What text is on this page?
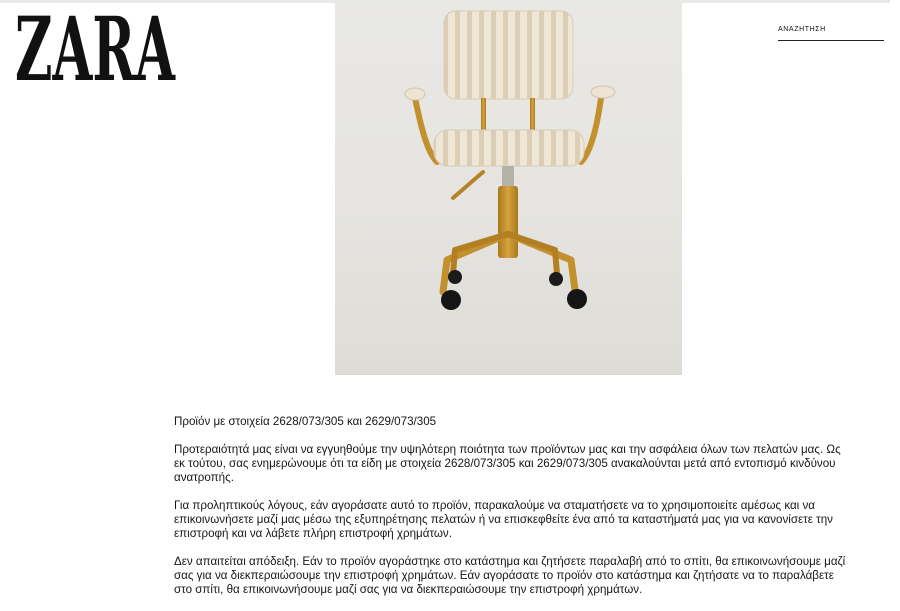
ZARA	ΑΝΑΖΗΤΗΣΗ

Προϊόν με στοιχεία 2628/073/305 και 2629/073/305

Προτεραιότητά μας είναι να εγγυηθούμε την υψηλότερη ποιότητα των προϊόντων μας και την ασφάλεια όλων των πελατών μας. Ως εκ τούτου, σας ενημερώνουμε ότι τα είδη με στοιχεία 2628/073/305 και 2629/073/305 ανακαλούνται μετά από εντοπισμό κινδύνου ανατροπής.

Για προληπτικούς λόγους, εάν αγοράσατε αυτό το προϊόν, παρακαλούμε να σταματήσετε να το χρησιμοποιείτε αμέσως και να επικοινωνήσετε μαζί μας μέσω της εξυπηρέτησης πελατών ή να επισκεφθείτε ένα από τα καταστήματά μας για να κανονίσετε την επιστροφή και να λάβετε πλήρη επιστροφή χρημάτων.

Δεν απαιτείται απόδειξη. Εάν το προϊόν αγοράστηκε στο κατάστημα και ζητήσετε παραλαβή από το σπίτι, θα επικοινωνήσουμε μαζί σας για να διεκπεραιώσουμε την επιστροφή χρημάτων. Εάν αγοράσατε το προϊόν στο κατάστημα και ζητήσατε να το παραλάβετε στο σπίτι, θα επικοινωνήσουμε μαζί σας για να διεκπεραιώσουμε την επιστροφή χρημάτων.
